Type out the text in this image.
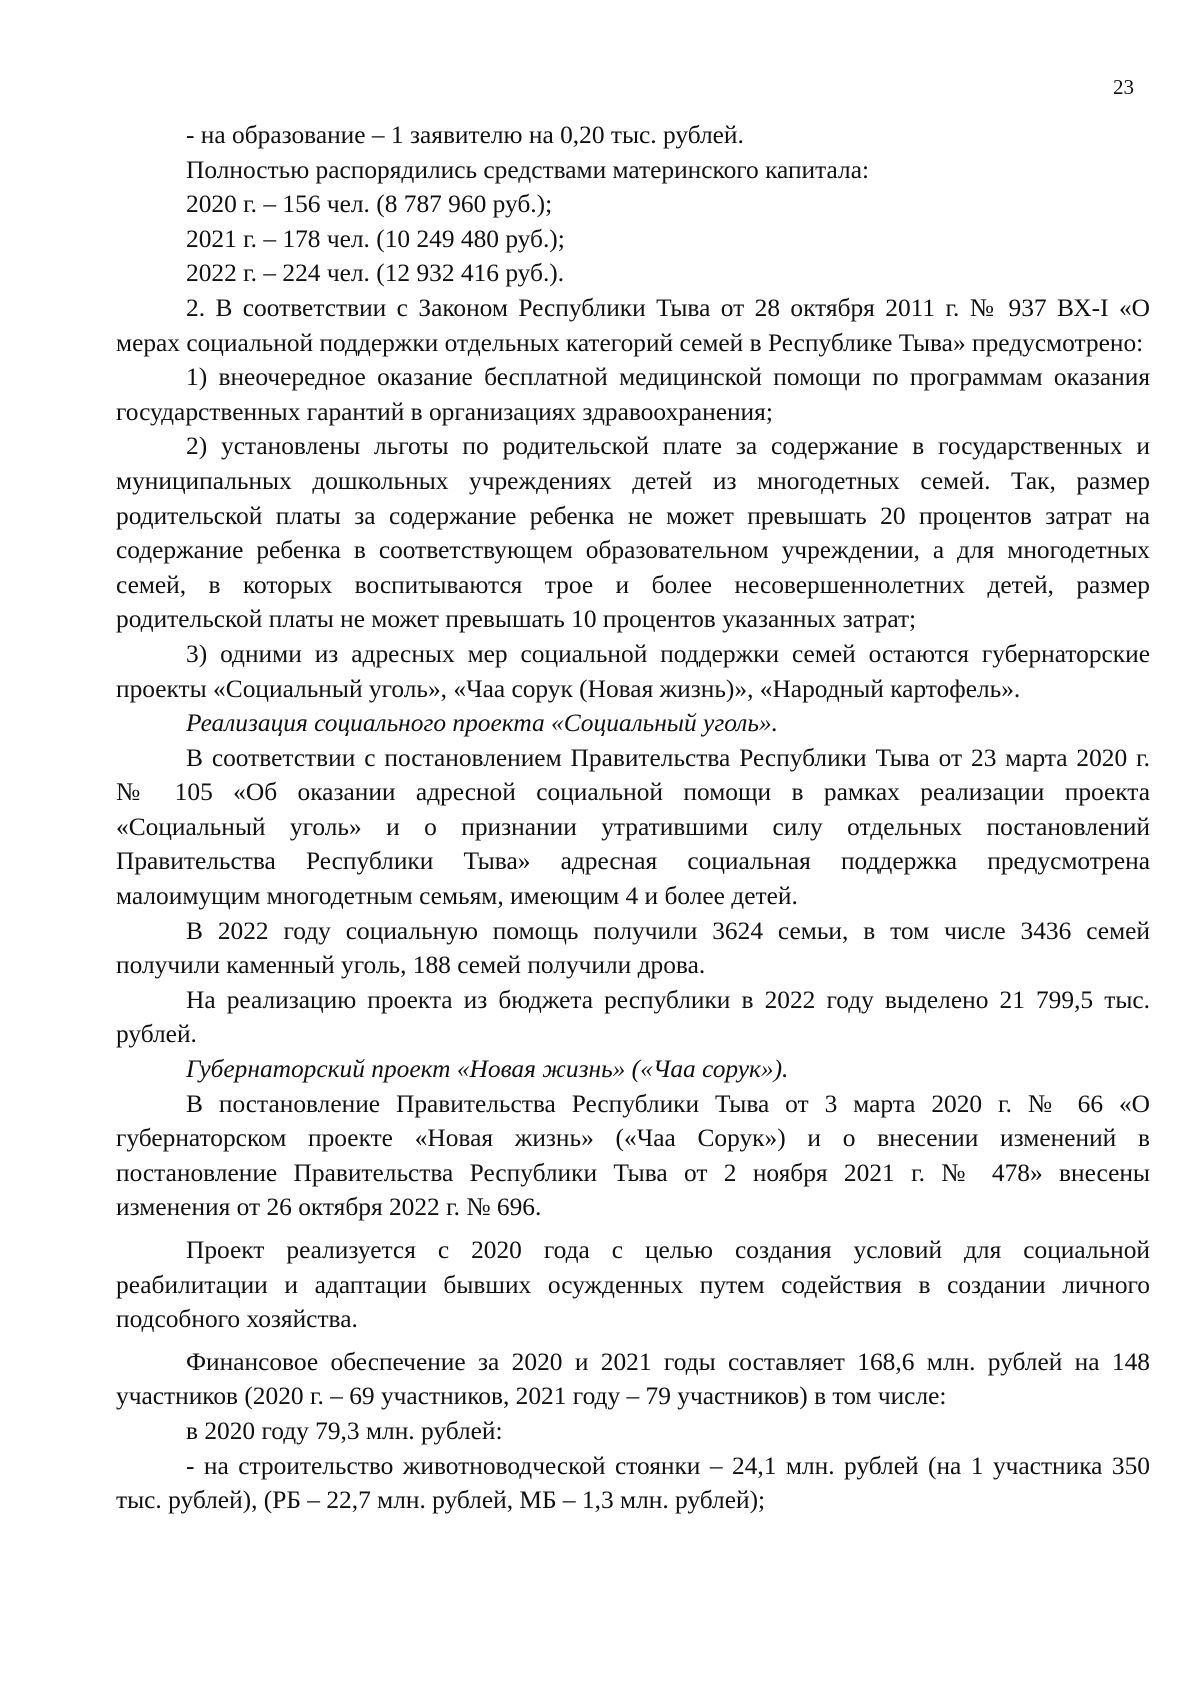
23

- на образование – 1 заявителю на 0,20 тыс. рублей.

Полностью распорядились средствами материнского капитала:

2020 г. – 156 чел. (8 787 960 руб.);

2021 г. – 178 чел. (10 249 480 руб.);

2022 г. – 224 чел. (12 932 416 руб.).

2. В соответствии с Законом Республики Тыва от 28 октября 2011 г. № 937 ВХ-I «О мерах социальной поддержки отдельных категорий семей в Республике Тыва» предусмотрено:

1) внеочередное оказание бесплатной медицинской помощи по программам оказания государственных гарантий в организациях здравоохранения;

2) установлены льготы по родительской плате за содержание в государственных и муниципальных дошкольных учреждениях детей из многодетных семей. Так, размер родительской платы за содержание ребенка не может превышать 20 процентов затрат на содержание ребенка в соответствующем образовательном учреждении, а для многодетных семей, в которых воспитываются трое и более несовершеннолетних детей, размер родительской платы не может превышать 10 процентов указанных затрат;

3) одними из адресных мер социальной поддержки семей остаются губернаторские проекты «Социальный уголь», «Чаа сорук (Новая жизнь)», «Народный картофель».

Реализация социального проекта «Социальный уголь».

В соответствии с постановлением Правительства Республики Тыва от 23 марта 2020 г. № 105 «Об оказании адресной социальной помощи в рамках реализации проекта «Социальный уголь» и о признании утратившими силу отдельных постановлений Правительства Республики Тыва» адресная социальная поддержка предусмотрена малоимущим многодетным семьям, имеющим 4 и более детей.

В 2022 году социальную помощь получили 3624 семьи, в том числе 3436 семей получили каменный уголь, 188 семей получили дрова.

На реализацию проекта из бюджета республики в 2022 году выделено 21 799,5 тыс. рублей.

Губернаторский проект «Новая жизнь» («Чаа сорук»).

В постановление Правительства Республики Тыва от 3 марта 2020 г. № 66 «О губернаторском проекте «Новая жизнь» («Чаа Сорук») и о внесении изменений в постановление Правительства Республики Тыва от 2 ноября 2021 г. № 478» внесены изменения от 26 октября 2022 г. № 696.

Проект реализуется с 2020 года с целью создания условий для социальной реабилитации и адаптации бывших осужденных путем содействия в создании личного подсобного хозяйства.

Финансовое обеспечение за 2020 и 2021 годы составляет 168,6 млн. рублей на 148 участников (2020 г. – 69 участников, 2021 году – 79 участников) в том числе:

в 2020 году 79,3 млн. рублей:

- на строительство животноводческой стоянки – 24,1 млн. рублей (на 1 участника 350 тыс. рублей), (РБ – 22,7 млн. рублей, МБ – 1,3 млн. рублей);
